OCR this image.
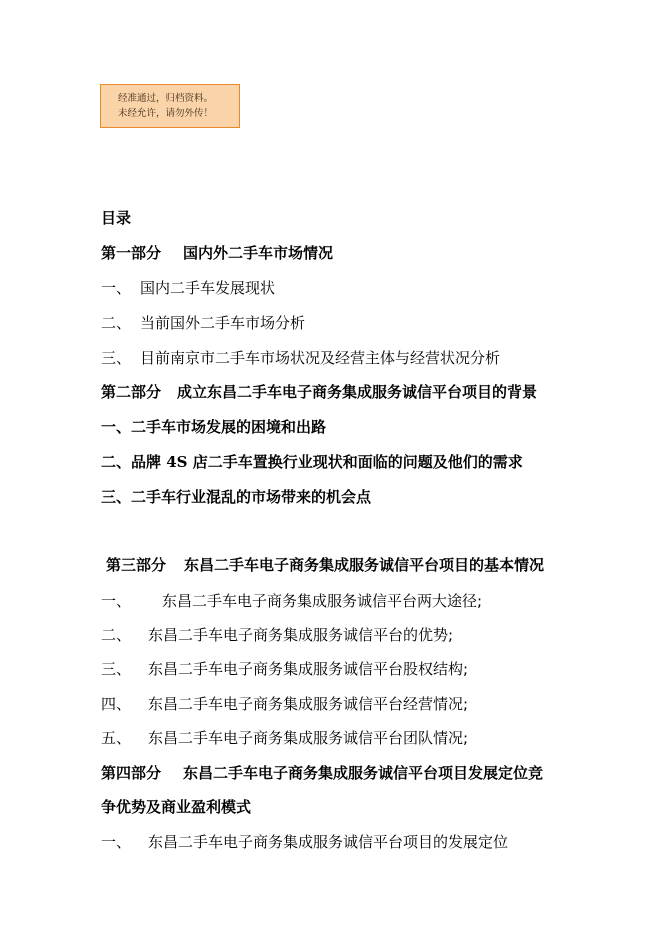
经准通过，归档资料。
未经允许，请勿外传！
目录
第一部分 国内外二手车市场情况
一、 国内二手车发展现状
二、 当前国外二手车市场分析
三、 目前南京市二手车市场状况及经营主体与经营状况分析
第二部分 成立东昌二手车电子商务集成服务诚信平台项目的背景
一、二手车市场发展的困境和出路
二、品牌 4S 店二手车置换行业现状和面临的问题及他们的需求
三、二手车行业混乱的市场带来的机会点
第三部分 东昌二手车电子商务集成服务诚信平台项目的基本情况
一、 东昌二手车电子商务集成服务诚信平台两大途径;
二、 东昌二手车电子商务集成服务诚信平台的优势;
三、 东昌二手车电子商务集成服务诚信平台股权结构;
四、 东昌二手车电子商务集成服务诚信平台经营情况;
五、 东昌二手车电子商务集成服务诚信平台团队情况;
第四部分 东昌二手车电子商务集成服务诚信平台项目发展定位竞
争优势及商业盈利模式
一、 东昌二手车电子商务集成服务诚信平台项目的发展定位
